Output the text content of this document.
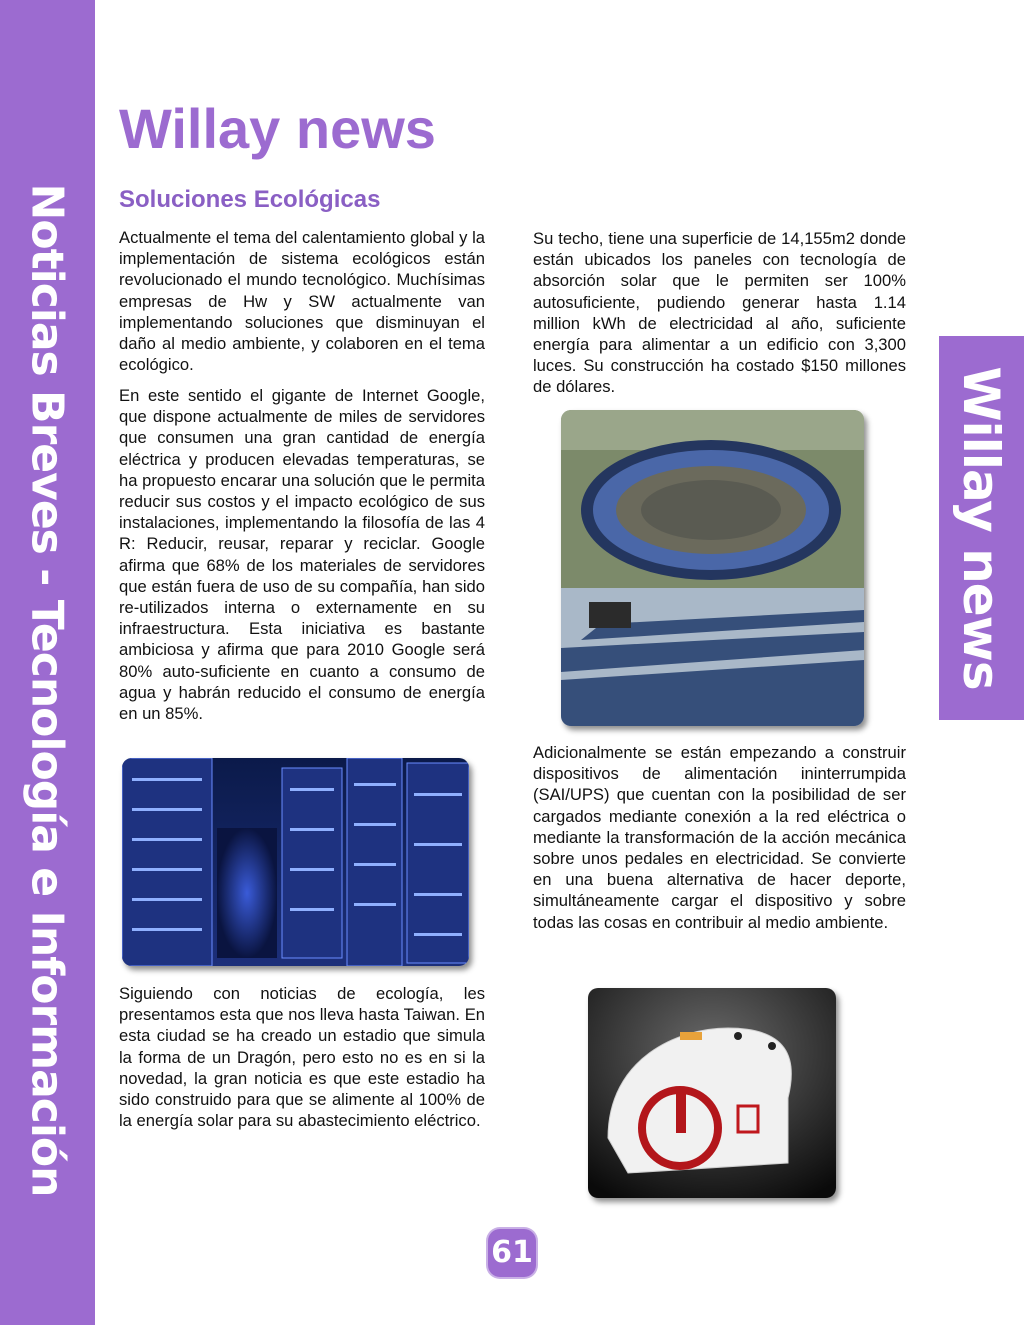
Noticias Breves - Tecnología e Información	Willay news
Willay news
Soluciones Ecológicas

Actualmente el tema del calentamiento global y la implementación de sistema ecológicos están revolucionado el mundo tecnológico. Muchísimas empresas de Hw y SW actualmente van implementando soluciones que disminuyan el daño al medio ambiente, y colaboren en el tema ecológico.

En este sentido el gigante de Internet Google, que dispone actualmente de miles de servidores que consumen una gran cantidad de energía eléctrica y producen elevadas temperaturas, se ha propuesto encarar una solución que le permita reducir sus costos y el impacto ecológico de sus instalaciones, implementando la filosofía de las 4 R: Reducir, reusar, reparar y reciclar. Google afirma que 68% de los materiales de servidores que están fuera de uso de su compañía, han sido re-utilizados interna o externamente en su infraestructura. Esta iniciativa es bastante ambiciosa y afirma que para 2010 Google será 80% auto-suficiente en cuanto a consumo de agua y habrán reducido el consumo de energía en un 85%.

Siguiendo con noticias de ecología, les presentamos esta que nos lleva hasta Taiwan. En esta ciudad se ha creado un estadio que simula la forma de un Dragón, pero esto no es en si la novedad, la gran noticia es que este estadio ha sido construido para que se alimente al 100% de la energía solar para su abastecimiento eléctrico.

Su techo, tiene una superficie de 14,155m2 donde están ubicados los paneles con tecnología de absorción solar que le permiten ser 100% autosuficiente, pudiendo generar hasta 1.14 million kWh de electricidad al año, suficiente energía para alimentar a un edificio con 3,300 luces. Su construcción ha costado $150 millones de dólares.

Adicionalmente se están empezando a construir dispositivos de alimentación ininterrumpida (SAI/UPS) que cuentan con la posibilidad de ser cargados mediante conexión a la red eléctrica o mediante la transformación de la acción mecánica sobre unos pedales en electricidad. Se convierte en una buena alternativa de hacer deporte, simultáneamente cargar el dispositivo y sobre todas las cosas en contribuir al medio ambiente.

61
